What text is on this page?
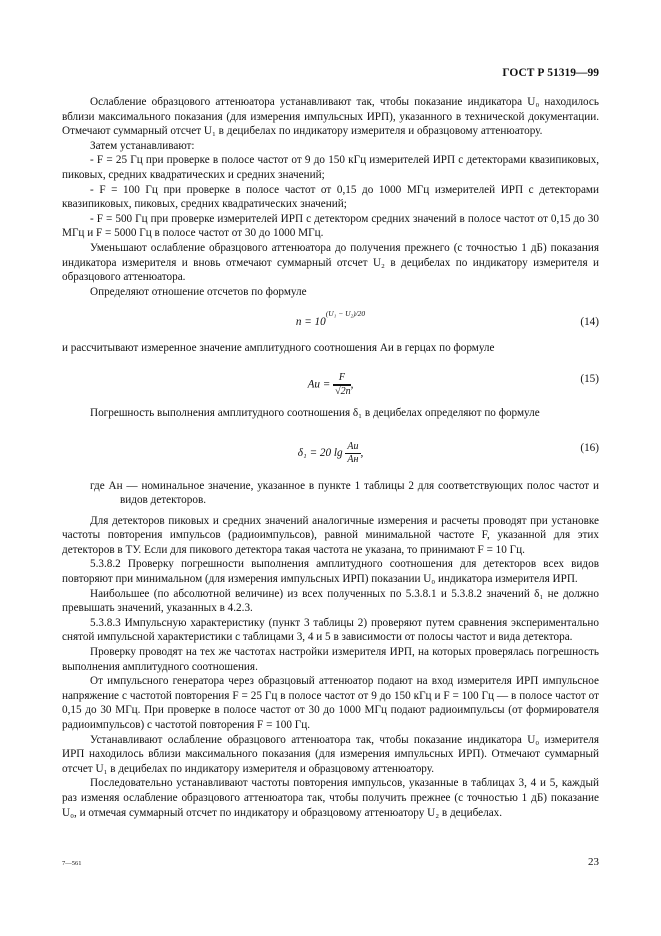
ГОСТ Р 51319—99

Ослабление образцового аттенюатора устанавливают так, чтобы показание индикатора U₀ находилось вблизи максимального показания (для измерения импульсных ИРП), указанного в технической документации. Отмечают суммарный отсчет U₁ в децибелах по индикатору измерителя и образцовому аттенюатору.

Затем устанавливают:

- F = 25 Гц при проверке в полосе частот от 9 до 150 кГц измерителей ИРП с детекторами квазипиковых, пиковых, средних квадратических и средних значений;

- F = 100 Гц при проверке в полосе частот от 0,15 до 1000 МГц измерителей ИРП с детекторами квазипиковых, пиковых, средних квадратических значений;

- F = 500 Гц при проверке измерителей ИРП с детектором средних значений в полосе частот от 0,15 до 30 МГц и F = 5000 Гц в полосе частот от 30 до 1000 МГц.

Уменьшают ослабление образцового аттенюатора до получения прежнего (с точностью 1 дБ) показания индикатора измерителя и вновь отмечают суммарный отсчет U₂ в децибелах по индикатору измерителя и образцового аттенюатора.

Определяют отношение отсчетов по формуле

$n = 10^{(U_1 - U_2)/20}$
(14)

и рассчитывают измеренное значение амплитудного соотношения Aи в герцах по формуле

Aи = $\frac{F}{√2n}$ ,	(15)

Погрешность выполнения амплитудного соотношения δ₁ в децибелах определяют по формуле

δ₁ = 20 $\lg \frac{Aи}{Aн}$ ,	(16)

где Aн — номинальное значение, указанное в пункте 1 таблицы 2 для соответствующих полос частот и видов детекторов.

Для детекторов пиковых и средних значений аналогичные измерения и расчеты проводят при установке частоты повторения импульсов (радиоимпульсов), равной минимальной частоте F, указанной для этих детекторов в ТУ. Если для пикового детектора такая частота не указана, то принимают F = 10 Гц.

5.3.8.2 Проверку погрешности выполнения амплитудного соотношения для детекторов всех видов повторяют при минимальном (для измерения импульсных ИРП) показании U₀ индикатора измерителя ИРП.

Наибольшее (по абсолютной величине) из всех полученных по 5.3.8.1 и 5.3.8.2 значений δ₁ не должно превышать значений, указанных в 4.2.3.

5.3.8.3 Импульсную характеристику (пункт 3 таблицы 2) проверяют путем сравнения экспериментально снятой импульсной характеристики с таблицами 3, 4 и 5 в зависимости от полосы частот и вида детектора.

Проверку проводят на тех же частотах настройки измерителя ИРП, на которых проверялась погрешность выполнения амплитудного соотношения.

От импульсного генератора через образцовый аттенюатор подают на вход измерителя ИРП импульсное напряжение с частотой повторения F = 25 Гц в полосе частот от 9 до 150 кГц и F = 100 Гц — в полосе частот от 0,15 до 30 МГц. При проверке в полосе частот от 30 до 1000 МГц подают радиоимпульсы (от формирователя радиоимпульсов) с частотой повторения F = 100 Гц.

Устанавливают ослабление образцового аттенюатора так, чтобы показание индикатора U₀ измерителя ИРП находилось вблизи максимального показания (для измерения импульсных ИРП). Отмечают суммарный отсчет U₁ в децибелах по индикатору измерителя и образцовому аттенюатору.

Последовательно устанавливают частоты повторения импульсов, указанные в таблицах 3, 4 и 5, каждый раз изменяя ослабление образцового аттенюатора так, чтобы получить прежнее (с точностью 1 дБ) показание U₀, и отмечая суммарный отсчет по индикатору и образцовому аттенюатору U₂ в децибелах.

7—561	23
